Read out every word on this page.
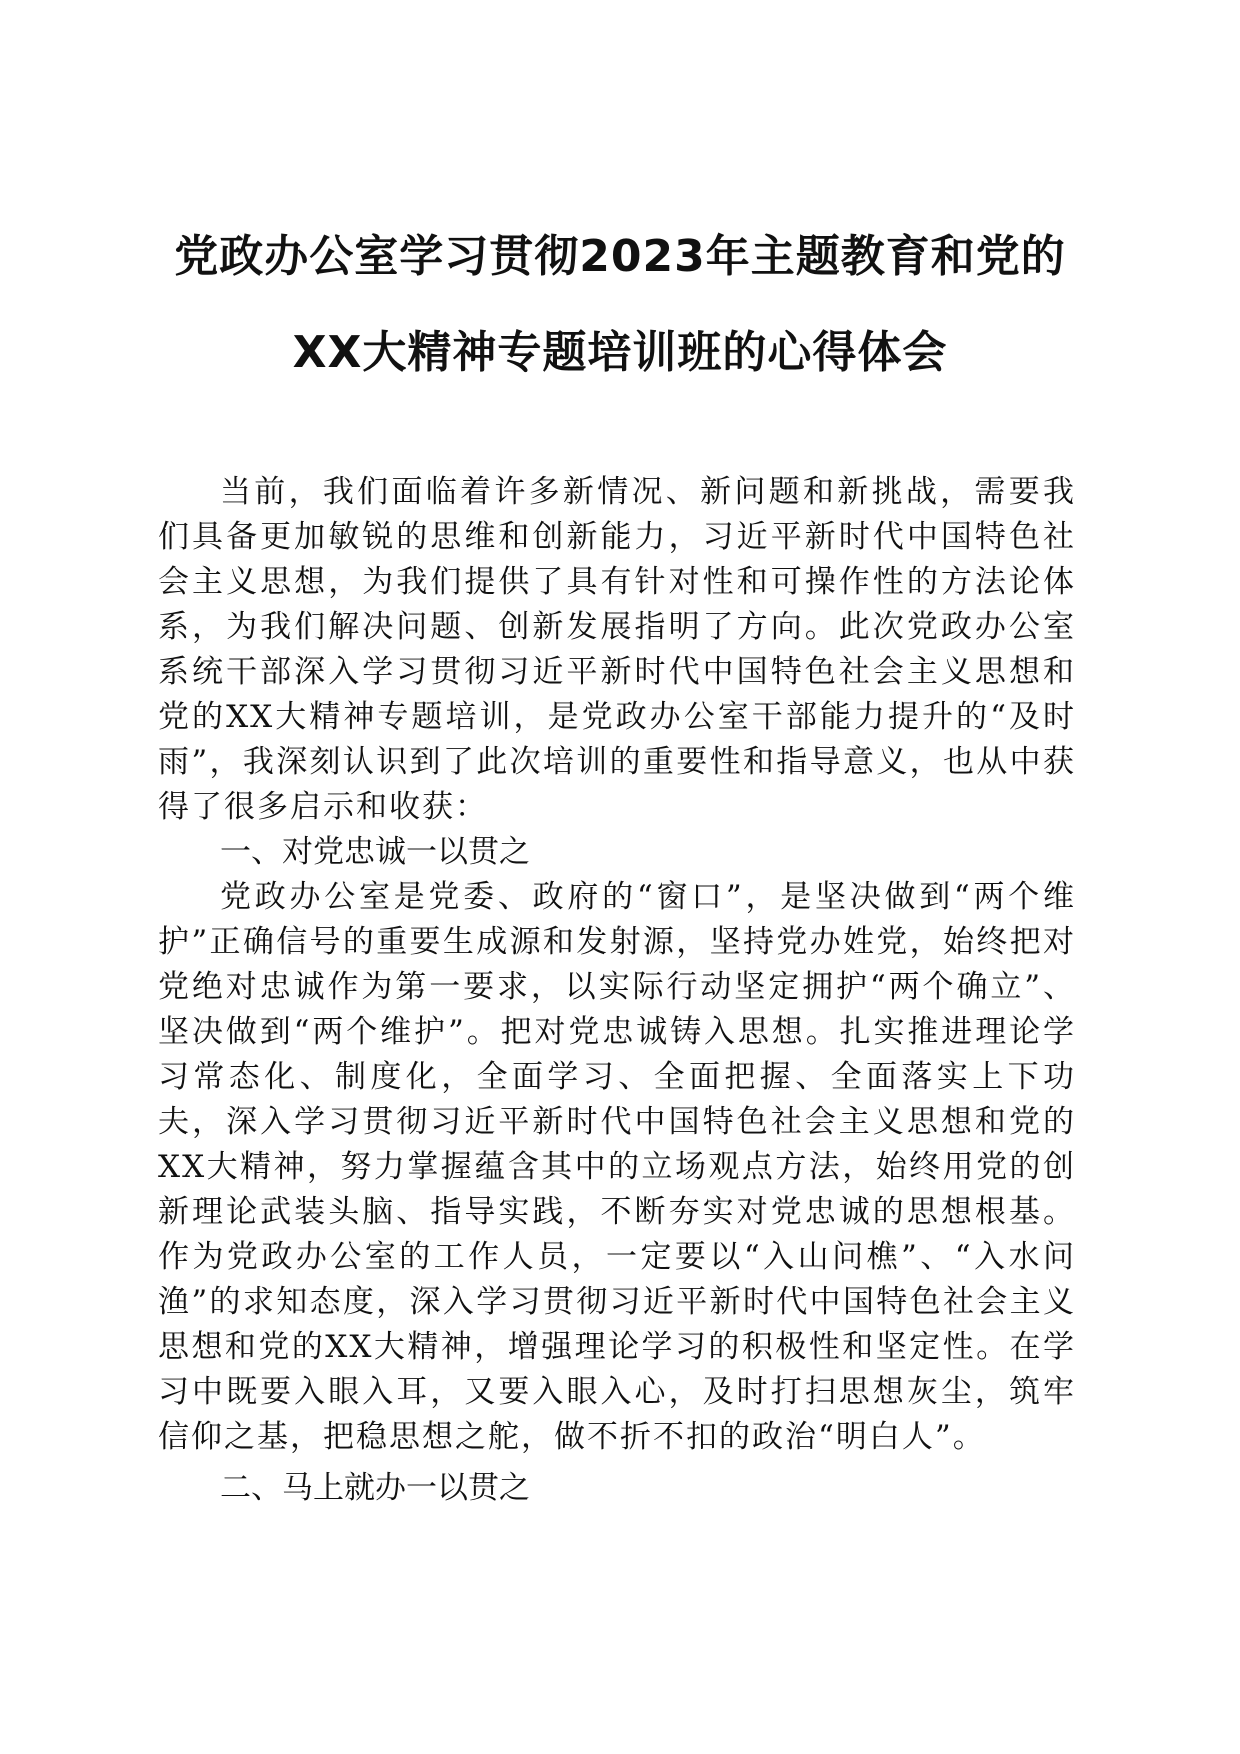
党政办公室学习贯彻2023年主题教育和党的
XX大精神专题培训班的心得体会

当前，我们面临着许多新情况、新问题和新挑战，需要我们具备更加敏锐的思维和创新能力，习近平新时代中国特色社会主义思想，为我们提供了具有针对性和可操作性的方法论体系，为我们解决问题、创新发展指明了方向。此次党政办公室系统干部深入学习贯彻习近平新时代中国特色社会主义思想和党的XX大精神专题培训，是党政办公室干部能力提升的“及时雨”，我深刻认识到了此次培训的重要性和指导意义，也从中获得了很多启示和收获：

一、对党忠诚一以贯之

党政办公室是党委、政府的“窗口”，是坚决做到“两个维护”正确信号的重要生成源和发射源，坚持党办姓党，始终把对党绝对忠诚作为第一要求，以实际行动坚定拥护“两个确立”、坚决做到“两个维护”。把对党忠诚铸入思想。扎实推进理论学习常态化、制度化，全面学习、全面把握、全面落实上下功夫，深入学习贯彻习近平新时代中国特色社会主义思想和党的XX大精神，努力掌握蕴含其中的立场观点方法，始终用党的创新理论武装头脑、指导实践，不断夯实对党忠诚的思想根基。作为党政办公室的工作人员，一定要以“入山问樵”、“入水问渔”的求知态度，深入学习贯彻习近平新时代中国特色社会主义思想和党的XX大精神，增强理论学习的积极性和坚定性。在学习中既要入眼入耳，又要入眼入心，及时打扫思想灰尘，筑牢信仰之基，把稳思想之舵，做不折不扣的政治“明白人”。

二、马上就办一以贯之
